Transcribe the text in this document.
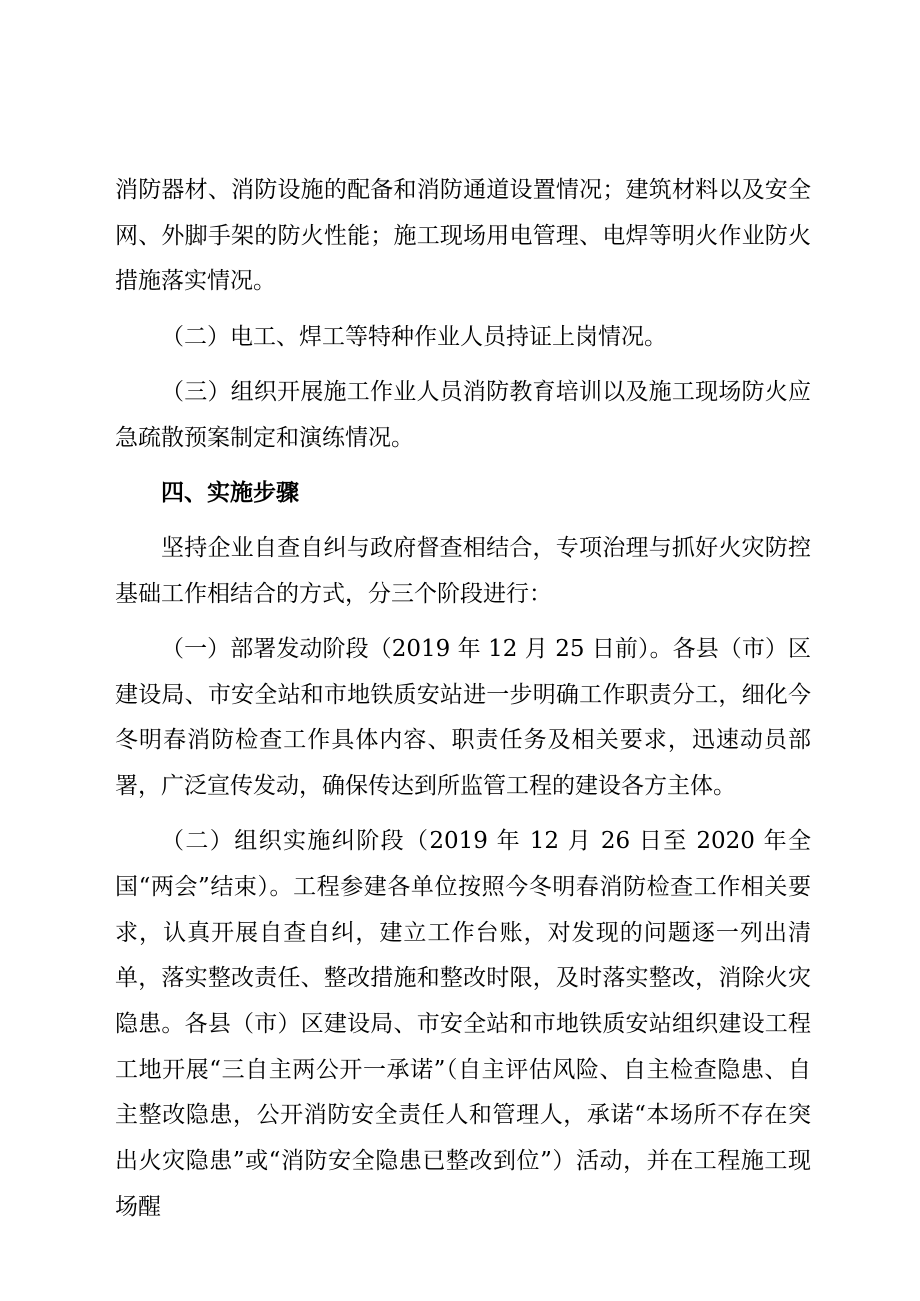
消防器材、消防设施的配备和消防通道设置情况；建筑材料以及安全网、外脚手架的防火性能；施工现场用电管理、电焊等明火作业防火措施落实情况。

（二）电工、焊工等特种作业人员持证上岗情况。

（三）组织开展施工作业人员消防教育培训以及施工现场防火应急疏散预案制定和演练情况。

四、实施步骤

坚持企业自查自纠与政府督查相结合，专项治理与抓好火灾防控基础工作相结合的方式，分三个阶段进行：

（一）部署发动阶段（2019 年 12 月 25 日前）。各县（市）区建设局、市安全站和市地铁质安站进一步明确工作职责分工，细化今冬明春消防检查工作具体内容、职责任务及相关要求，迅速动员部署，广泛宣传发动，确保传达到所监管工程的建设各方主体。

（二）组织实施纠阶段（2019 年 12 月 26 日至 2020 年全国“两会”结束）。工程参建各单位按照今冬明春消防检查工作相关要求，认真开展自查自纠，建立工作台账，对发现的问题逐一列出清单，落实整改责任、整改措施和整改时限，及时落实整改，消除火灾隐患。各县（市）区建设局、市安全站和市地铁质安站组织建设工程工地开展“三自主两公开一承诺”（自主评估风险、自主检查隐患、自主整改隐患，公开消防安全责任人和管理人，承诺“本场所不存在突出火灾隐患”或“消防安全隐患已整改到位”）活动，并在工程施工现场醒
